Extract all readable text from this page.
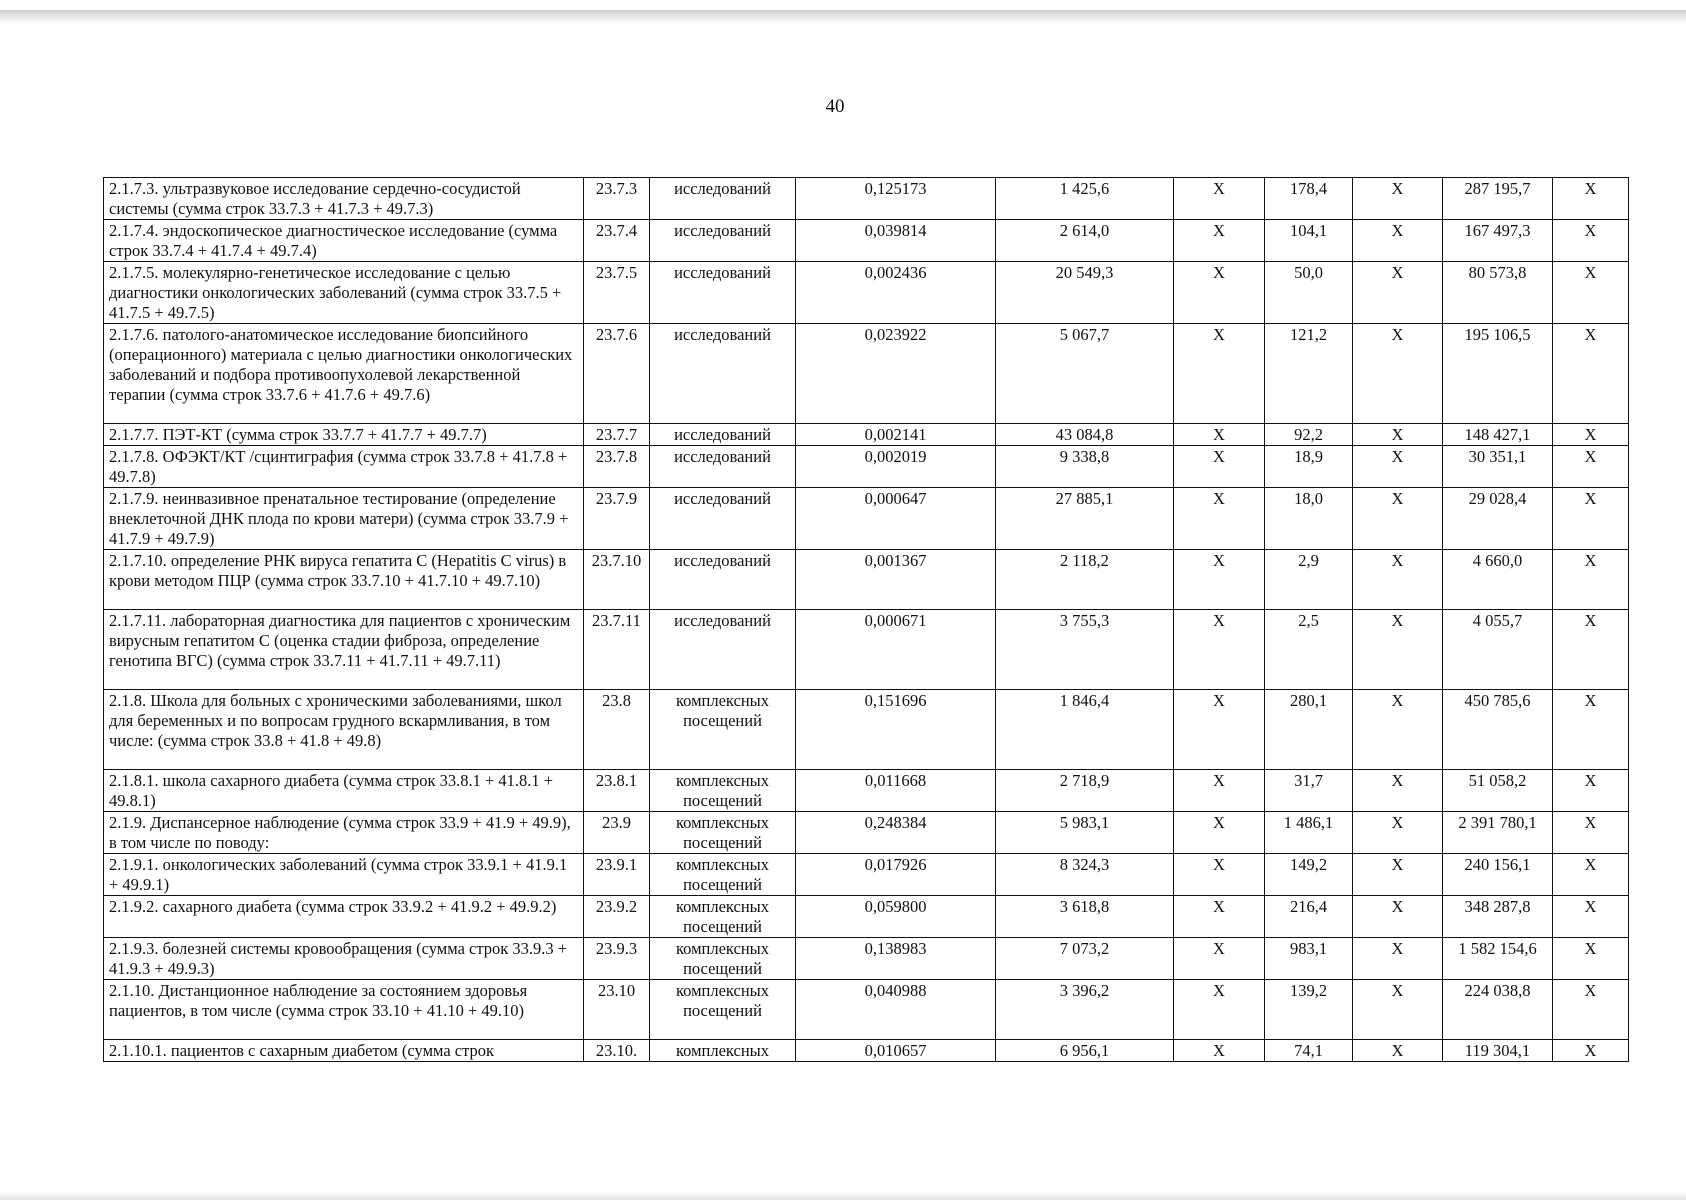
40
2.1.7.3. ультразвуковое исследование сердечно-сосудистой системы (сумма строк 33.7.3 + 41.7.3 + 49.7.3)	23.7.3	исследований	0,125173	1 425,6	X	178,4	X	287 195,7	X
2.1.7.4. эндоскопическое диагностическое исследование (сумма строк 33.7.4 + 41.7.4 + 49.7.4)	23.7.4	исследований	0,039814	2 614,0	X	104,1	X	167 497,3	X
2.1.7.5. молекулярно-генетическое исследование с целью диагностики онкологических заболеваний (сумма строк 33.7.5 + 41.7.5 + 49.7.5)	23.7.5	исследований	0,002436	20 549,3	X	50,0	X	80 573,8	X
2.1.7.6. патолого-анатомическое исследование биопсийного (операционного) материала с целью диагностики онкологических заболеваний и подбора противоопухолевой лекарственной терапии (сумма строк 33.7.6 + 41.7.6 + 49.7.6)	23.7.6	исследований	0,023922	5 067,7	X	121,2	X	195 106,5	X
2.1.7.7. ПЭТ-КТ (сумма строк 33.7.7 + 41.7.7 + 49.7.7)	23.7.7	исследований	0,002141	43 084,8	X	92,2	X	148 427,1	X
2.1.7.8. ОФЭКТ/КТ /сцинтиграфия (сумма строк 33.7.8 + 41.7.8 + 49.7.8)	23.7.8	исследований	0,002019	9 338,8	X	18,9	X	30 351,1	X
2.1.7.9. неинвазивное пренатальное тестирование (определение внеклеточной ДНК плода по крови матери) (сумма строк 33.7.9 + 41.7.9 + 49.7.9)	23.7.9	исследований	0,000647	27 885,1	X	18,0	X	29 028,4	X
2.1.7.10. определение РНК вируса гепатита С (Hepatitis C virus) в крови методом ПЦР (сумма строк 33.7.10 + 41.7.10 + 49.7.10)	23.7.10	исследований	0,001367	2 118,2	X	2,9	X	4 660,0	X
2.1.7.11. лабораторная диагностика для пациентов с хроническим вирусным гепатитом С (оценка стадии фиброза, определение генотипа ВГС) (сумма строк 33.7.11 + 41.7.11 + 49.7.11)	23.7.11	исследований	0,000671	3 755,3	X	2,5	X	4 055,7	X
2.1.8. Школа для больных с хроническими заболеваниями, школ для беременных и по вопросам грудного вскармливания, в том числе: (сумма строк 33.8 + 41.8 + 49.8)	23.8	комплексных посещений	0,151696	1 846,4	X	280,1	X	450 785,6	X
2.1.8.1. школа сахарного диабета (сумма строк 33.8.1 + 41.8.1 + 49.8.1)	23.8.1	комплексных посещений	0,011668	2 718,9	X	31,7	X	51 058,2	X
2.1.9. Диспансерное наблюдение (сумма строк 33.9 + 41.9 + 49.9), в том числе по поводу:	23.9	комплексных посещений	0,248384	5 983,1	X	1 486,1	X	2 391 780,1	X
2.1.9.1. онкологических заболеваний (сумма строк 33.9.1 + 41.9.1 + 49.9.1)	23.9.1	комплексных посещений	0,017926	8 324,3	X	149,2	X	240 156,1	X
2.1.9.2. сахарного диабета (сумма строк 33.9.2 + 41.9.2 + 49.9.2)	23.9.2	комплексных посещений	0,059800	3 618,8	X	216,4	X	348 287,8	X
2.1.9.3. болезней системы кровообращения (сумма строк 33.9.3 + 41.9.3 + 49.9.3)	23.9.3	комплексных посещений	0,138983	7 073,2	X	983,1	X	1 582 154,6	X
2.1.10. Дистанционное наблюдение за состоянием здоровья пациентов, в том числе (сумма строк 33.10 + 41.10 + 49.10)	23.10	комплексных посещений	0,040988	3 396,2	X	139,2	X	224 038,8	X
2.1.10.1. пациентов с сахарным диабетом (сумма строк	23.10.	комплексных	0,010657	6 956,1	X	74,1	X	119 304,1	X
